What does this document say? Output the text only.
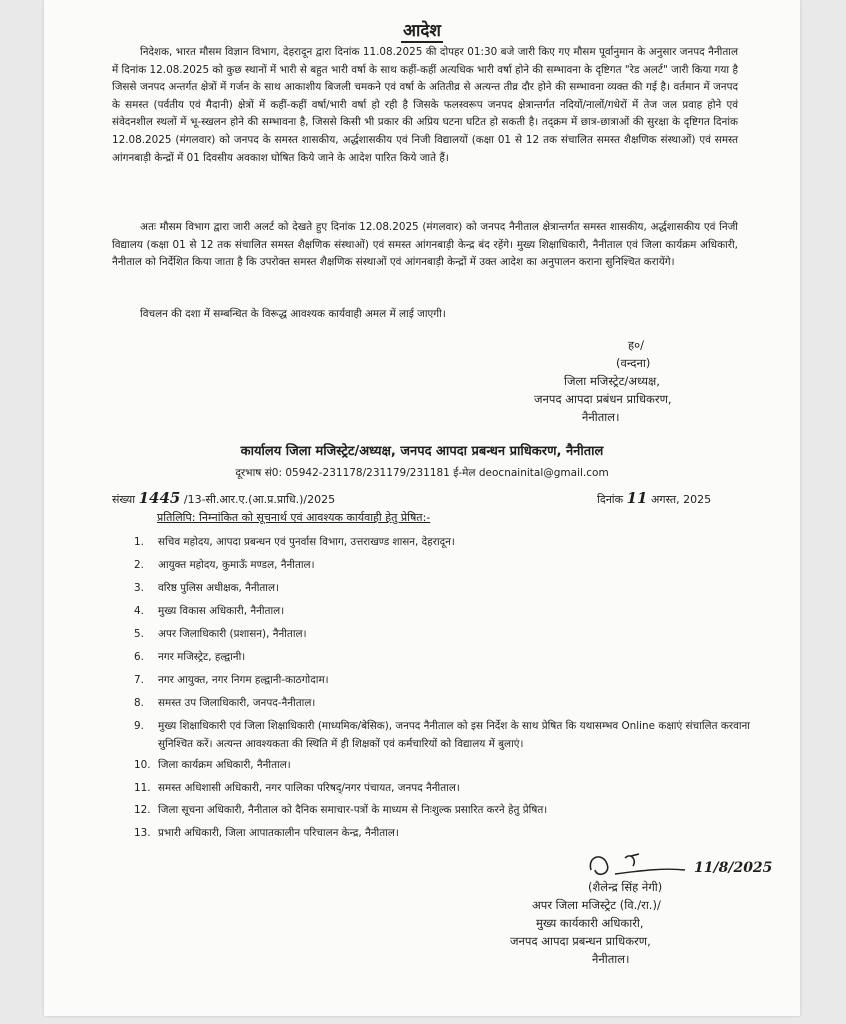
आदेश

निदेशक, भारत मौसम विज्ञान विभाग, देहरादून द्वारा दिनांक 11.08.2025 की दोपहर 01:30 बजे जारी किए गए मौसम पूर्वानुमान के अनुसार जनपद नैनीताल में दिनांक 12.08.2025 को कुछ स्थानों में भारी से बहुत भारी वर्षा के साथ कहीं-कहीं अत्यधिक भारी वर्षा होने की सम्भावना के दृष्टिगत "रेड अलर्ट" जारी किया गया है जिससे जनपद अन्तर्गत क्षेत्रों में गर्जन के साथ आकाशीय बिजली चमकने एवं वर्षा के अतितीव्र से अत्यन्त तीव्र दौर होने की सम्भावना व्यक्त की गई है। वर्तमान में जनपद के समस्त (पर्वतीय एवं मैदानी) क्षेत्रों में कहीं-कहीं वर्षा/भारी वर्षा हो रही है जिसके फलस्वरूप जनपद क्षेत्रान्तर्गत नदियों/नालों/गधेरों में तेज जल प्रवाह होने एवं संवेदनशील स्थलों में भू-स्खलन होने की सम्भावना है, जिससे किसी भी प्रकार की अप्रिय घटना घटित हो सकती है। तद्क्रम में छात्र-छात्राओं की सुरक्षा के दृष्टिगत दिनांक 12.08.2025 (मंगलवार) को जनपद के समस्त शासकीय, अर्द्धशासकीय एवं निजी विद्यालयों (कक्षा 01 से 12 तक संचालित समस्त शैक्षणिक संस्थाओं) एवं समस्त आंगनबाड़ी केन्द्रों में 01 दिवसीय अवकाश घोषित किये जाने के आदेश पारित किये जाते हैं।

अतः मौसम विभाग द्वारा जारी अलर्ट को देखते हुए दिनांक 12.08.2025 (मंगलवार) को जनपद नैनीताल क्षेत्रान्तर्गत समस्त शासकीय, अर्द्धशासकीय एवं निजी विद्यालय (कक्षा 01 से 12 तक संचालित समस्त शैक्षणिक संस्थाओं) एवं समस्त आंगनबाड़ी केन्द्र बंद रहेंगे। मुख्य शिक्षाधिकारी, नैनीताल एवं जिला कार्यक्रम अधिकारी, नैनीताल को निर्देशित किया जाता है कि उपरोक्त समस्त शैक्षणिक संस्थाओं एवं आंगनबाड़ी केन्द्रों में उक्त आदेश का अनुपालन कराना सुनिश्चित करायेंगे।

विचलन की दशा में सम्बन्धित के विरूद्ध आवश्यक कार्यवाही अमल में लाई जाएगी।

ह०/
(वन्दना)
जिला मजिस्ट्रेट/अध्यक्ष,
जनपद आपदा प्रबंधन प्राधिकरण,
नैनीताल।
कार्यालय जिला मजिस्ट्रेट/अध्यक्ष, जनपद आपदा प्रबन्धन प्राधिकरण, नैनीताल
दूरभाष सं0: 05942-231178/231179/231181 ई-मेल deocnainital@gmail.com
संख्या 1445 /13-सी.आर.ए.(आ.प्र.प्राधि.)/2025	दिनांक 11 अगस्त, 2025
प्रतिलिपि: निम्नांकित को सूचनार्थ एवं आवश्यक कार्यवाही हेतु प्रेषित:-
1. सचिव महोदय, आपदा प्रबन्धन एवं पुनर्वास विभाग, उत्तराखण्ड शासन, देहरादून।
2. आयुक्त महोदय, कुमाऊँ मण्डल, नैनीताल।
3. वरिष्ठ पुलिस अधीक्षक, नैनीताल।
4. मुख्य विकास अधिकारी, नैनीताल।
5. अपर जिलाधिकारी (प्रशासन), नैनीताल।
6. नगर मजिस्ट्रेट, हल्द्वानी।
7. नगर आयुक्त, नगर निगम हल्द्वानी-काठगोदाम।
8. समस्त उप जिलाधिकारी, जनपद-नैनीताल।
9. मुख्य शिक्षाधिकारी एवं जिला शिक्षाधिकारी (माध्यमिक/बेसिक), जनपद नैनीताल को इस निर्देश के साथ प्रेषित कि यथासम्भव Online कक्षाएं संचालित करवाना सुनिश्चित करें। अत्यन्त आवश्यकता की स्थिति में ही शिक्षकों एवं कर्मचारियों को विद्यालय में बुलाएं।
10. जिला कार्यक्रम अधिकारी, नैनीताल।
11. समस्त अधिशासी अधिकारी, नगर पालिका परिषद्/नगर पंचायत, जनपद नैनीताल।
12. जिला सूचना अधिकारी, नैनीताल को दैनिक समाचार-पत्रों के माध्यम से निःशुल्क प्रसारित करने हेतु प्रेषित।
13. प्रभारी अधिकारी, जिला आपातकालीन परिचालन केन्द्र, नैनीताल।
11/8/2025
(शैलेन्द्र सिंह नेगी)
अपर जिला मजिस्ट्रेट (वि./रा.)/
मुख्य कार्यकारी अधिकारी,
जनपद आपदा प्रबन्धन प्राधिकरण,
नैनीताल।
